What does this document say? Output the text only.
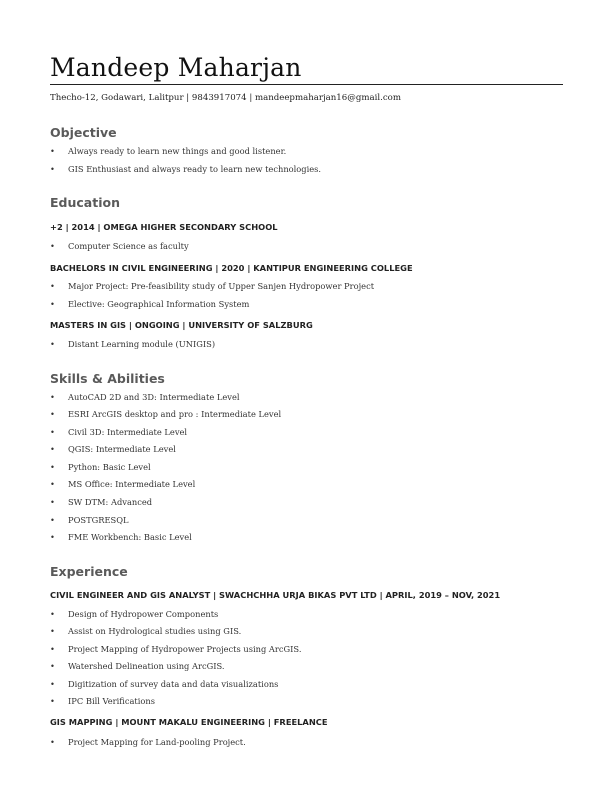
Mandeep Maharjan
Thecho-12, Godawari, Lalitpur | 9843917074 | mandeepmaharjan16@gmail.com
Objective
• Always ready to learn new things and good listener.
• GIS Enthusiast and always ready to learn new technologies.
Education
+2 | 2014 | OMEGA HIGHER SECONDARY SCHOOL
• Computer Science as faculty
BACHELORS IN CIVIL ENGINEERING | 2020 | KANTIPUR ENGINEERING COLLEGE
• Major Project: Pre-feasibility study of Upper Sanjen Hydropower Project
• Elective: Geographical Information System
MASTERS IN GIS | ONGOING | UNIVERSITY OF SALZBURG
• Distant Learning module (UNIGIS)
Skills & Abilities
• AutoCAD 2D and 3D: Intermediate Level
• ESRI ArcGIS desktop and pro : Intermediate Level
• Civil 3D: Intermediate Level
• QGIS: Intermediate Level
• Python: Basic Level
• MS Office: Intermediate Level
• SW DTM: Advanced
• POSTGRESQL
• FME Workbench: Basic Level
Experience
CIVIL ENGINEER AND GIS ANALYST | SWACHCHHA URJA BIKAS PVT LTD | APRIL, 2019 – NOV, 2021
• Design of Hydropower Components
• Assist on Hydrological studies using GIS.
• Project Mapping of Hydropower Projects using ArcGIS.
• Watershed Delineation using ArcGIS.
• Digitization of survey data and data visualizations
• IPC Bill Verifications
GIS MAPPING | MOUNT MAKALU ENGINEERING | FREELANCE
• Project Mapping for Land-pooling Project.
